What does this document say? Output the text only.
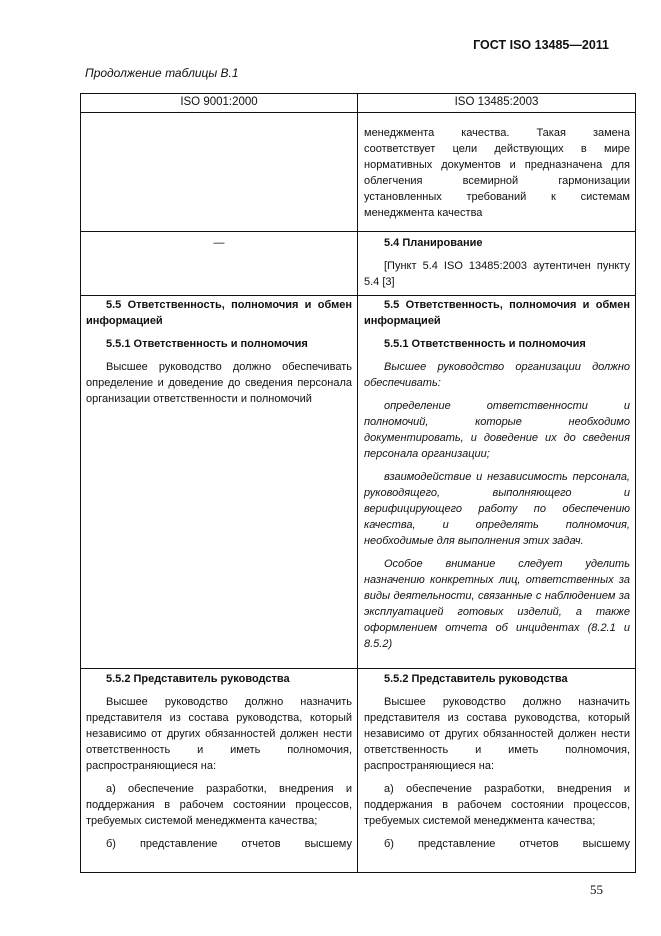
ГОСТ ISO 13485—2011
Продолжение таблицы В.1
ISO 9001:2000	ISO 13485:2003

менеджмента качества. Такая замена соответствует цели действующих в мире нормативных документов и предназначена для облегчения всемирной гармонизации установленных требований к системам менеджмента качества

—	5.4 Планирование

[Пункт 5.4 ISO 13485:2003 аутентичен пункту 5.4 [3]

5.5 Ответственность, полномочия и обмен информацией

5.5.1 Ответственность и полномочия

Высшее руководство должно обеспечивать определение и доведение до сведения персонала организации ответственности и полномочий

5.5 Ответственность, полномочия и обмен информацией

5.5.1 Ответственность и полномочия

Высшее руководство организации должно обеспечивать:

определение ответственности и полномочий, которые необходимо документировать, и доведение их до сведения персонала организации;

взаимодействие и независимость персонала, руководящего, выполняющего и верифицирующего работу по обеспечению качества, и определять полномочия, необходимые для выполнения этих задач.

Особое внимание следует уделить назначению конкретных лиц, ответственных за виды деятельности, связанные с наблюдением за эксплуатацией готовых изделий, а также оформлением отчета об инцидентах (8.2.1 и 8.5.2)

5.5.2 Представитель руководства

Высшее руководство должно назначить представителя из состава руководства, который независимо от других обязанностей должен нести ответственность и иметь полномочия, распространяющиеся на:

а) обеспечение разработки, внедрения и поддержания в рабочем состоянии процессов, требуемых системой менеджмента качества;

б) представление отчетов высшему

5.5.2 Представитель руководства

Высшее руководство должно назначить представителя из состава руководства, который независимо от других обязанностей должен нести ответственность и иметь полномочия, распространяющиеся на:

а) обеспечение разработки, внедрения и поддержания в рабочем состоянии процессов, требуемых системой менеджмента качества;

б) представление отчетов высшему

55
